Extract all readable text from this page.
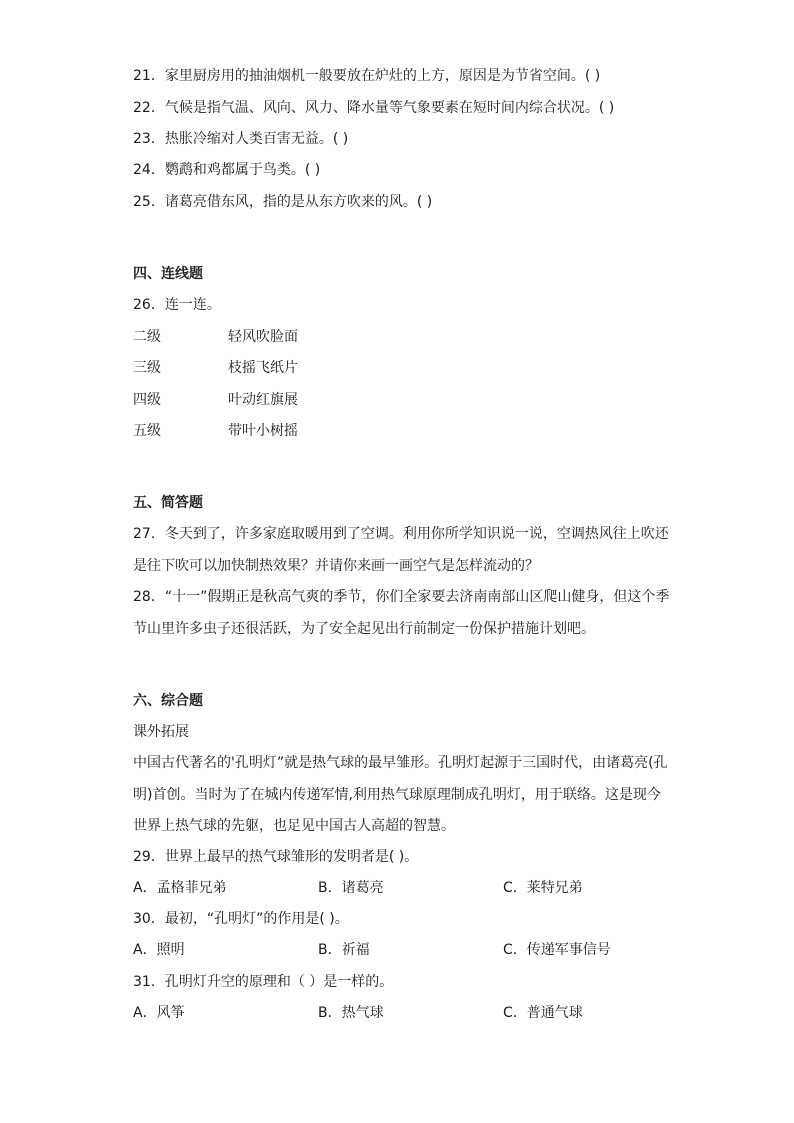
21．家里厨房用的抽油烟机一般要放在炉灶的上方，原因是为节省空间。( )
22．气候是指气温、风向、风力、降水量等气象要素在短时间内综合状况。( )
23．热胀冷缩对人类百害无益。( )
24．鹦鹉和鸡都属于鸟类。( )
25．诸葛亮借东风，指的是从东方吹来的风。( )
四、连线题
26．连一连。
二级	轻风吹脸面
三级	枝摇飞纸片
四级	叶动红旗展
五级	带叶小树摇
五、简答题
27．冬天到了，许多家庭取暖用到了空调。利用你所学知识说一说，空调热风往上吹还
是往下吹可以加快制热效果？并请你来画一画空气是怎样流动的？
28．“十一”假期正是秋高气爽的季节，你们全家要去济南南部山区爬山健身，但这个季
节山里许多虫子还很活跃，为了安全起见出行前制定一份保护措施计划吧。
六、综合题
课外拓展
中国古代著名的'孔明灯”就是热气球的最早雏形。孔明灯起源于三国时代，由诸葛亮(孔
明)首创。当时为了在城内传递军情,利用热气球原理制成孔明灯，用于联络。这是现今
世界上热气球的先躯，也足见中国古人高超的智慧。
29．世界上最早的热气球雏形的发明者是( )。
A．孟格菲兄弟	B．诸葛亮	C．莱特兄弟
30．最初，“孔明灯”的作用是( )。
A．照明	B．祈福	C．传递军事信号
31．孔明灯升空的原理和（ ）是一样的。
A．风筝	B．热气球	C．普通气球
